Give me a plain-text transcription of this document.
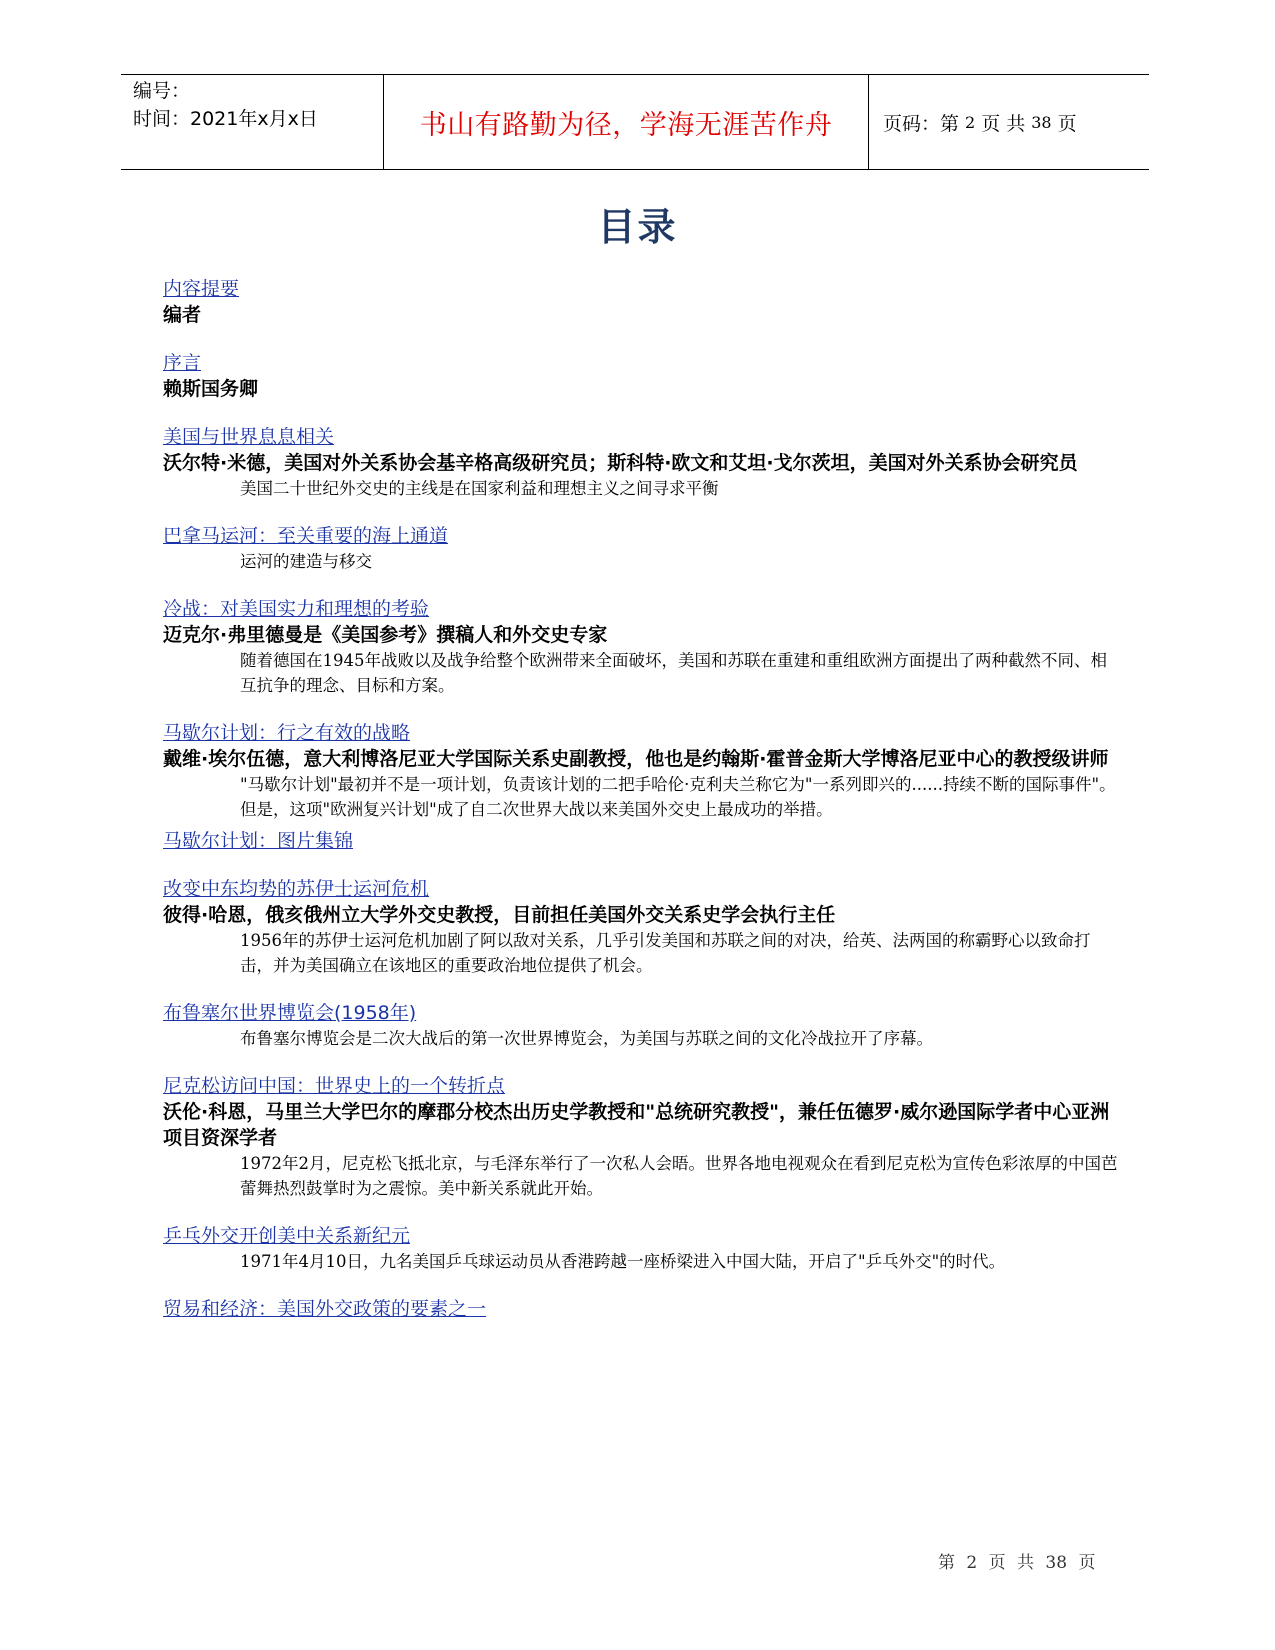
编号：
时间：2021年x月x日	书山有路勤为径，学海无涯苦作舟	页码：第 2 页 共 38 页
目录
内容提要
编者
序言
赖斯国务卿
美国与世界息息相关
沃尔特·米德，美国对外关系协会基辛格高级研究员；斯科特·欧文和艾坦·戈尔茨坦，美国对外关系协会研究员
美国二十世纪外交史的主线是在国家利益和理想主义之间寻求平衡
巴拿马运河：至关重要的海上通道
运河的建造与移交
冷战：对美国实力和理想的考验
迈克尔·弗里德曼是《美国参考》撰稿人和外交史专家
随着德国在1945年战败以及战争给整个欧洲带来全面破坏，美国和苏联在重建和重组欧洲方面提出了两种截然不同、相互抗争的理念、目标和方案。
马歇尔计划：行之有效的战略
戴维·埃尔伍德，意大利博洛尼亚大学国际关系史副教授，他也是约翰斯·霍普金斯大学博洛尼亚中心的教授级讲师
"马歇尔计划"最初并不是一项计划，负责该计划的二把手哈伦·克利夫兰称它为"一系列即兴的......持续不断的国际事件"。但是，这项"欧洲复兴计划"成了自二次世界大战以来美国外交史上最成功的举措。
马歇尔计划：图片集锦
改变中东均势的苏伊士运河危机
彼得·哈恩，俄亥俄州立大学外交史教授，目前担任美国外交关系史学会执行主任
1956年的苏伊士运河危机加剧了阿以敌对关系，几乎引发美国和苏联之间的对决，给英、法两国的称霸野心以致命打击，并为美国确立在该地区的重要政治地位提供了机会。
布鲁塞尔世界博览会(1958年)
布鲁塞尔博览会是二次大战后的第一次世界博览会，为美国与苏联之间的文化冷战拉开了序幕。
尼克松访问中国：世界史上的一个转折点
沃伦·科恩，马里兰大学巴尔的摩郡分校杰出历史学教授和"总统研究教授"，兼任伍德罗·威尔逊国际学者中心亚洲项目资深学者
1972年2月，尼克松飞抵北京，与毛泽东举行了一次私人会晤。世界各地电视观众在看到尼克松为宣传色彩浓厚的中国芭蕾舞热烈鼓掌时为之震惊。美中新关系就此开始。
乒乓外交开创美中关系新纪元
1971年4月10日，九名美国乒乓球运动员从香港跨越一座桥梁进入中国大陆，开启了"乒乓外交"的时代。
贸易和经济：美国外交政策的要素之一
第 2 页 共 38 页
